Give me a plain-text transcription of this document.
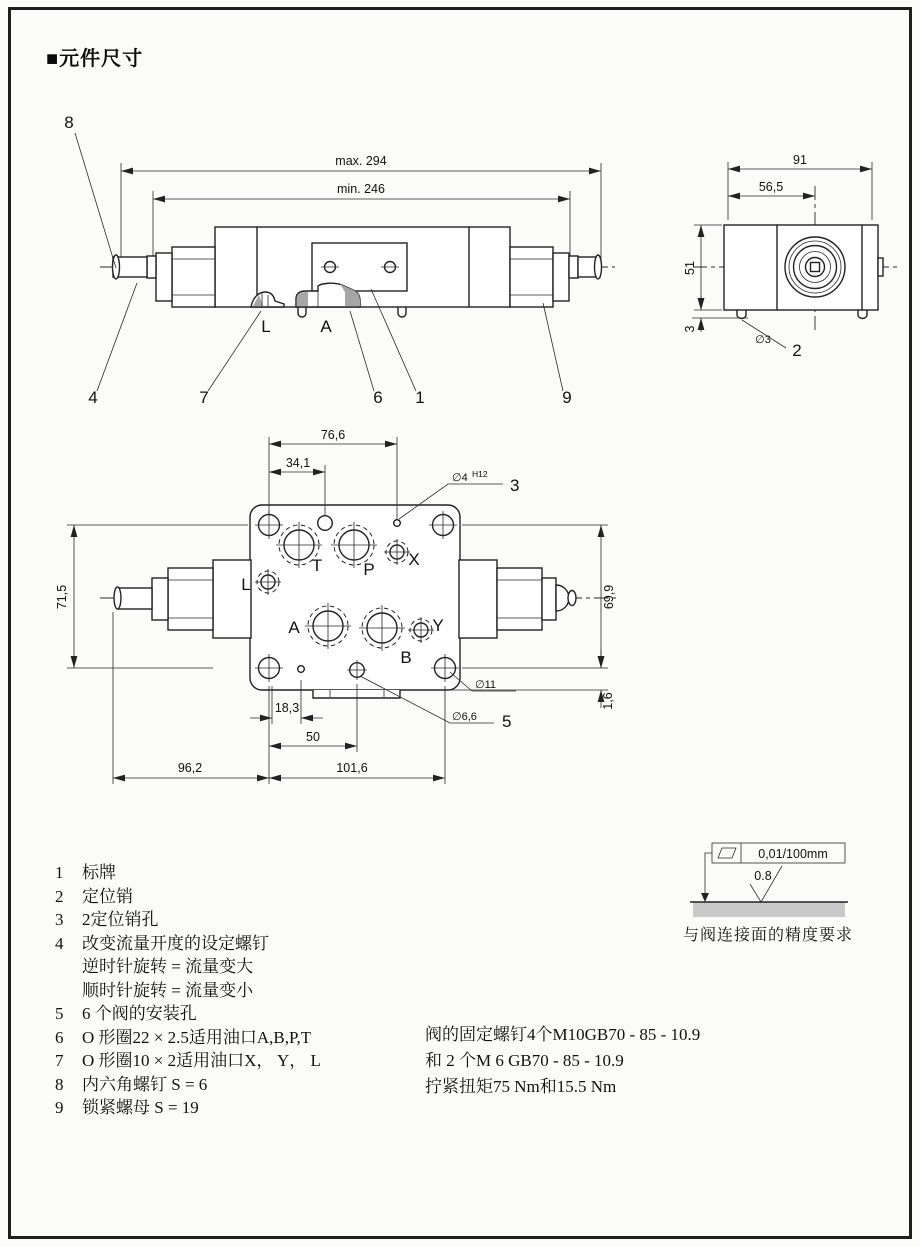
■元件尺寸
max. 294
min. 246
8
4	7
L	A
6 1	9
91
56,5
51
3
∅3
2
T P
X
L
A
B
Y
76,6
34,1
∅4 H12
3
71,5	69,9
1,6
18,3
50
96,2	101,6
∅11
∅6,6 5
0,01/100mm
0.8
1	标牌
2	定位销
3	2定位销孔
4	改变流量开度的设定螺钉
逆时针旋转 = 流量变大
顺时针旋转 = 流量变小
5	6 个阀的安装孔
6	O 形圈22 × 2.5适用油口A,B,P,T
7	O 形圈10 × 2适用油口X， Y， L
8	内六角螺钉 S = 6
9	锁紧螺母 S = 19
阀的固定螺钉4个M10GB70 - 85 - 10.9
和 2 个M 6 GB70 - 85 - 10.9
拧紧扭矩75 Nm和15.5 Nm
与阀连接面的精度要求
